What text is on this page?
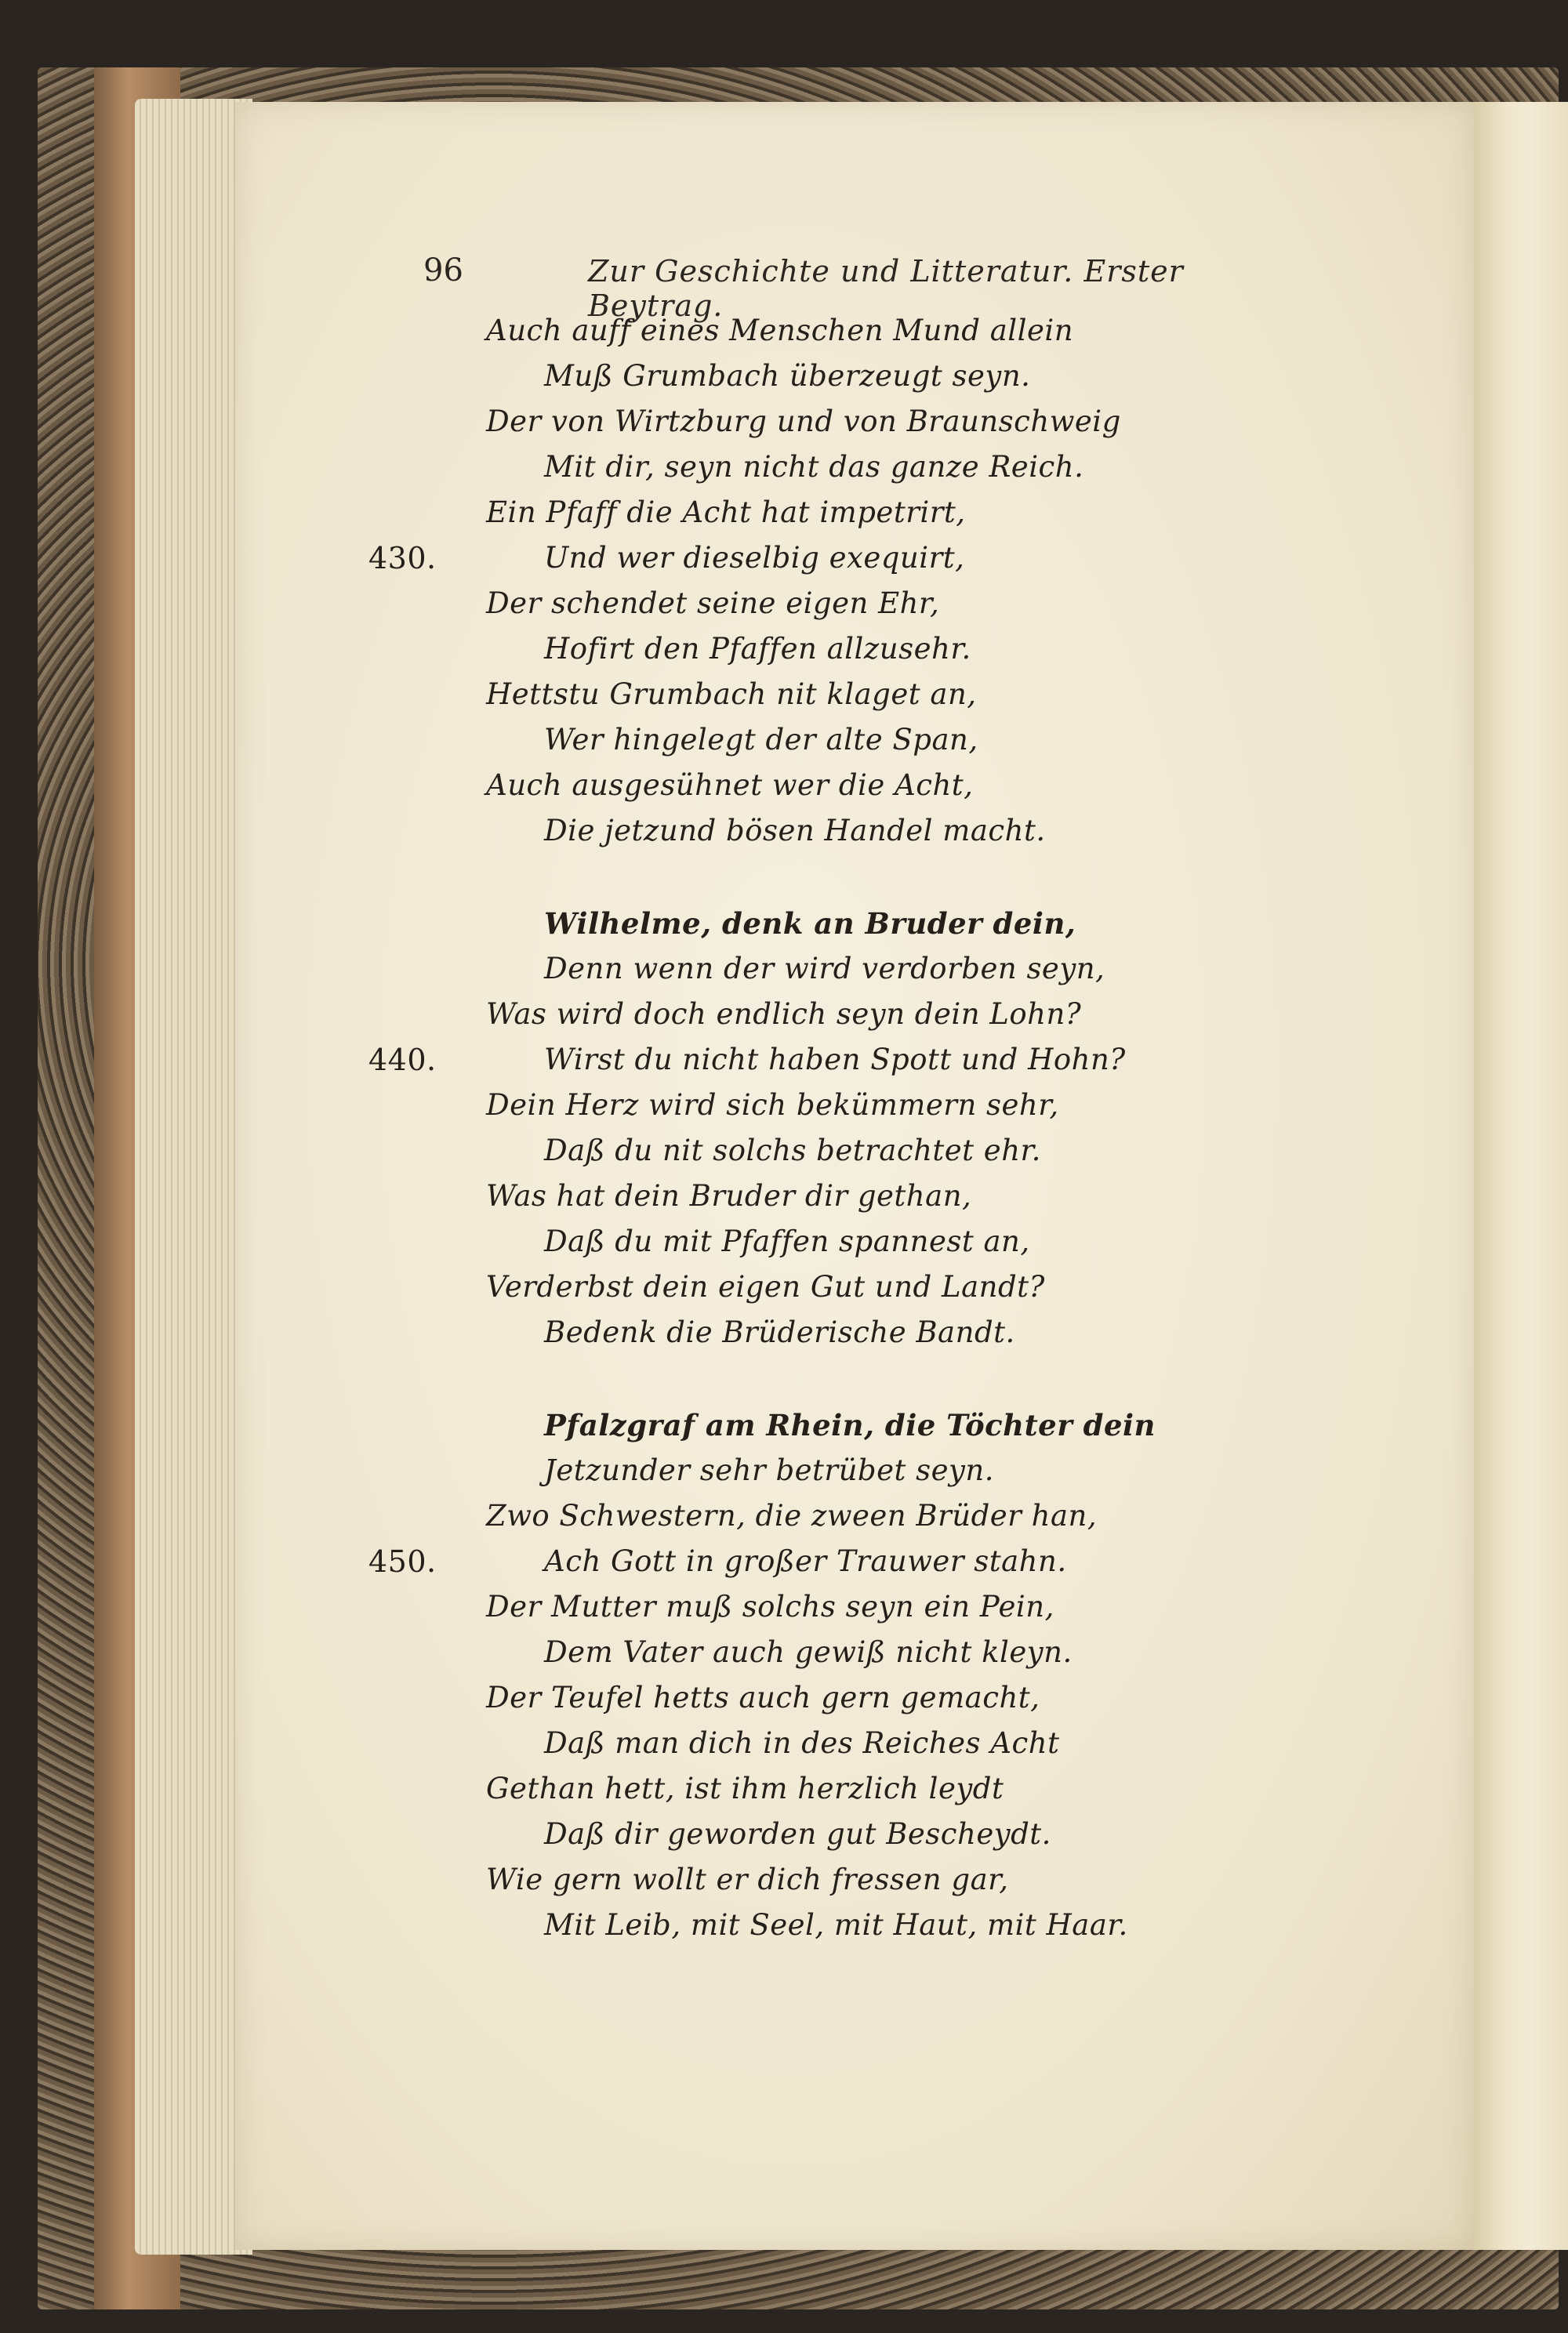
96	Zur Geschichte und Litteratur. Erster Beytrag.
Auch auff eines Menschen Mund allein
Muß Grumbach überzeugt seyn.
Der von Wirtzburg und von Braunschweig
Mit dir, seyn nicht das ganze Reich.
Ein Pfaff die Acht hat impetrirt,
Und wer dieselbig exequirt,
430.
Der schendet seine eigen Ehr,
Hofirt den Pfaffen allzusehr.
Hettstu Grumbach nit klaget an,
Wer hingelegt der alte Span,
Auch ausgesühnet wer die Acht,
Die jetzund bösen Handel macht.
Wilhelme, denk an Bruder dein,
Denn wenn der wird verdorben seyn,
Was wird doch endlich seyn dein Lohn?
Wirst du nicht haben Spott und Hohn?
440.
Dein Herz wird sich bekümmern sehr,
Daß du nit solchs betrachtet ehr.
Was hat dein Bruder dir gethan,
Daß du mit Pfaffen spannest an,
Verderbst dein eigen Gut und Landt?
Bedenk die Brüderische Bandt.
Pfalzgraf am Rhein, die Töchter dein
Jetzunder sehr betrübet seyn.
Zwo Schwestern, die zween Brüder han,
Ach Gott in großer Trauwer stahn.
450.
Der Mutter muß solchs seyn ein Pein,
Dem Vater auch gewiß nicht kleyn.
Der Teufel hetts auch gern gemacht,
Daß man dich in des Reiches Acht
Gethan hett, ist ihm herzlich leydt
Daß dir geworden gut Bescheydt.
Wie gern wollt er dich fressen gar,
Mit Leib, mit Seel, mit Haut, mit Haar.
